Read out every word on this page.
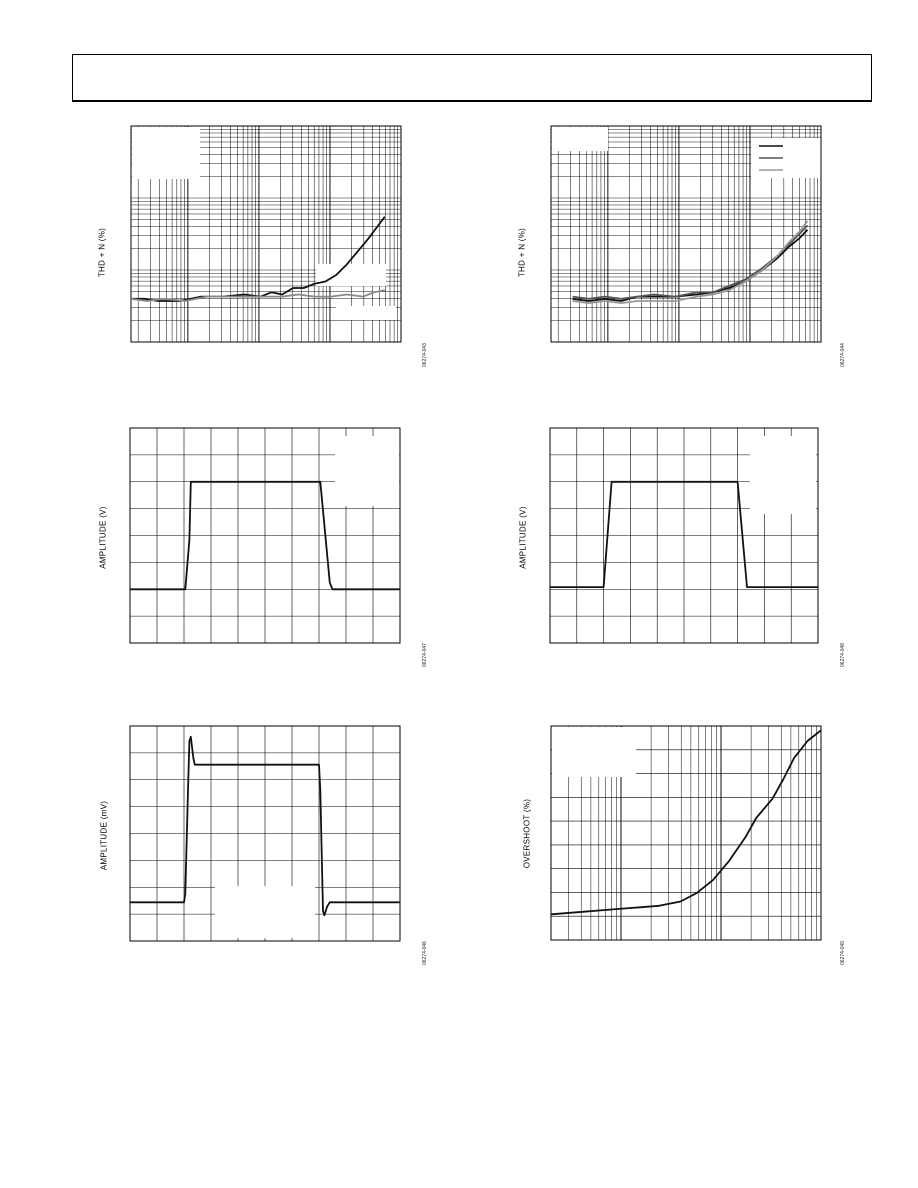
THD + N (%)
06274-043
THD + N (%)
06274-044
AMPLITUDE (V)
06274-047
AMPLITUDE (V)
06274-048
AMPLITUDE (mV)
06274-046
OVERSHOOT (%)
06274-049
